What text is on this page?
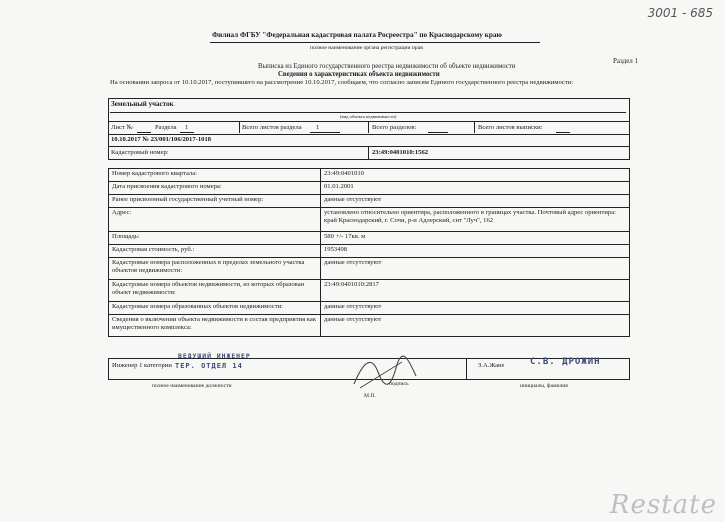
3001 - 685
Филиал ФГБУ "Федеральная кадастровая палата Росреестра" по Краснодарскому краю
полное наименование органа регистрации прав
Раздел 1
Выписка из Единого государственного реестра недвижимости об объекте недвижимости
Сведения о характеристиках объекта недвижимости
На основании запроса от 10.10.2017, поступившего на рассмотрение 10.10.2017, сообщаем, что согласно записям Единого государственного реестра недвижимости:
Земельный участок
(вид объекта недвижимости)
Лист №	Раздела 1	Всего листов раздела 1	Всего разделов:	Всего листов выписки:
10.10.2017 № 23/001/106/2017-1018
Кадастровый номер:	23:49:0401010:1562
Номер кадастрового квартала:	23:49:0401010
Дата присвоения кадастрового номера:	01.01.2001
Ранее присвоенный государственный учетный номер:	данные отсутствуют
Адрес:	установлено относительно ориентира, расположенного в границах участка. Почтовый адрес ориентира: край Краснодарский, г. Сочи, р-н Адлерский, снт "Луч", 162
Площадь:	580 +/- 17кв. м
Кадастровая стоимость, руб.:	1953498
Кадастровые номера расположенных в пределах земельного участка объектов недвижимости:	данные отсутствуют
Кадастровые номера объектов недвижимости, из которых образован объект недвижимости:	23:49:0401010:2817
Кадастровые номера образованных объектов недвижимости:	данные отсутствуют
Сведения о включении объекта недвижимости в состав предприятия как имущественного комплекса:	данные отсутствуют
Инженер 1 категории
ВЕДУЩИЙ ИНЖЕНЕР
ТЕР. ОТДЕЛ 14	З.А.Жане	С.В. ДРОЖИН
полное наименование должности	подпись	инициалы, фамилия
М.П.
Restate
